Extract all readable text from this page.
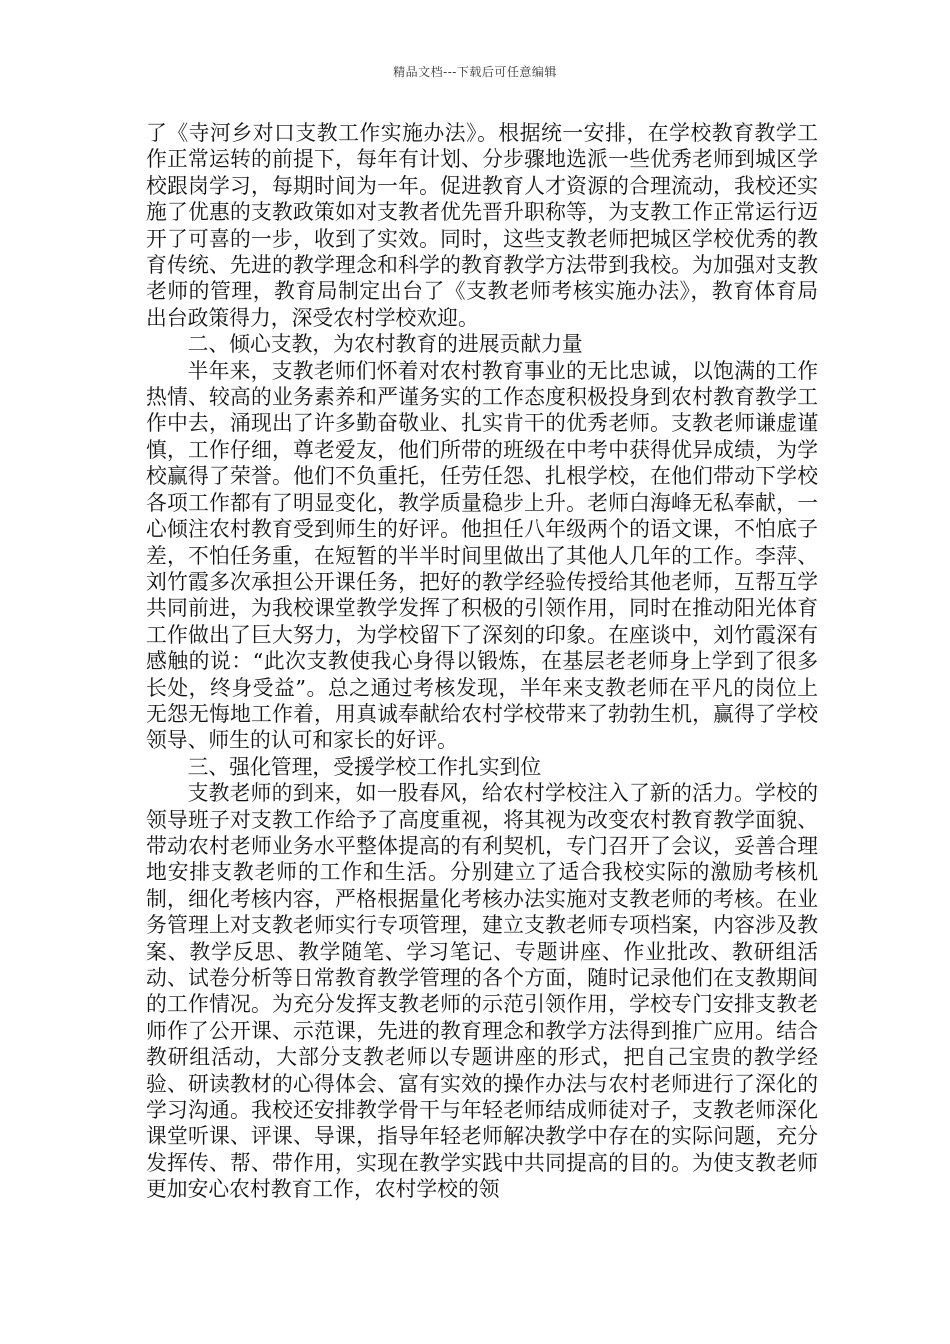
精品文档---下载后可任意编辑

了《寺河乡对口支教工作实施办法》。根据统一安排，在学校教育教学工作正常运转的前提下，每年有计划、分步骤地选派一些优秀老师到城区学校跟岗学习，每期时间为一年。促进教育人才资源的合理流动，我校还实施了优惠的支教政策如对支教者优先晋升职称等，为支教工作正常运行迈开了可喜的一步，收到了实效。同时，这些支教老师把城区学校优秀的教育传统、先进的教学理念和科学的教育教学方法带到我校。为加强对支教老师的管理，教育局制定出台了《支教老师考核实施办法》，教育体育局出台政策得力，深受农村学校欢迎。

二、倾心支教，为农村教育的进展贡献力量

半年来，支教老师们怀着对农村教育事业的无比忠诚，以饱满的工作热情、较高的业务素养和严谨务实的工作态度积极投身到农村教育教学工作中去，涌现出了许多勤奋敬业、扎实肯干的优秀老师。支教老师谦虚谨慎，工作仔细，尊老爱友，他们所带的班级在中考中获得优异成绩，为学校赢得了荣誉。他们不负重托，任劳任怨、扎根学校，在他们带动下学校各项工作都有了明显变化，教学质量稳步上升。老师白海峰无私奉献，一心倾注农村教育受到师生的好评。他担任八年级两个的语文课，不怕底子差，不怕任务重，在短暂的半半时间里做出了其他人几年的工作。李萍、刘竹霞多次承担公开课任务，把好的教学经验传授给其他老师，互帮互学共同前进，为我校课堂教学发挥了积极的引领作用，同时在推动阳光体育工作做出了巨大努力，为学校留下了深刻的印象。在座谈中，刘竹霞深有感触的说：“此次支教使我心身得以锻炼，在基层老老师身上学到了很多长处，终身受益”。总之通过考核发现，半年来支教老师在平凡的岗位上无怨无悔地工作着，用真诚奉献给农村学校带来了勃勃生机，赢得了学校领导、师生的认可和家长的好评。

三、强化管理，受援学校工作扎实到位

支教老师的到来，如一股春风，给农村学校注入了新的活力。学校的领导班子对支教工作给予了高度重视，将其视为改变农村教育教学面貌、带动农村老师业务水平整体提高的有利契机，专门召开了会议，妥善合理地安排支教老师的工作和生活。分别建立了适合我校实际的激励考核机制，细化考核内容，严格根据量化考核办法实施对支教老师的考核。在业务管理上对支教老师实行专项管理，建立支教老师专项档案，内容涉及教案、教学反思、教学随笔、学习笔记、专题讲座、作业批改、教研组活动、试卷分析等日常教育教学管理的各个方面，随时记录他们在支教期间的工作情况。为充分发挥支教老师的示范引领作用，学校专门安排支教老师作了公开课、示范课，先进的教育理念和教学方法得到推广应用。结合教研组活动，大部分支教老师以专题讲座的形式，把自己宝贵的教学经验、研读教材的心得体会、富有实效的操作办法与农村老师进行了深化的学习沟通。我校还安排教学骨干与年轻老师结成师徒对子，支教老师深化课堂听课、评课、导课，指导年轻老师解决教学中存在的实际问题，充分发挥传、帮、带作用，实现在教学实践中共同提高的目的。为使支教老师更加安心农村教育工作，农村学校的领
